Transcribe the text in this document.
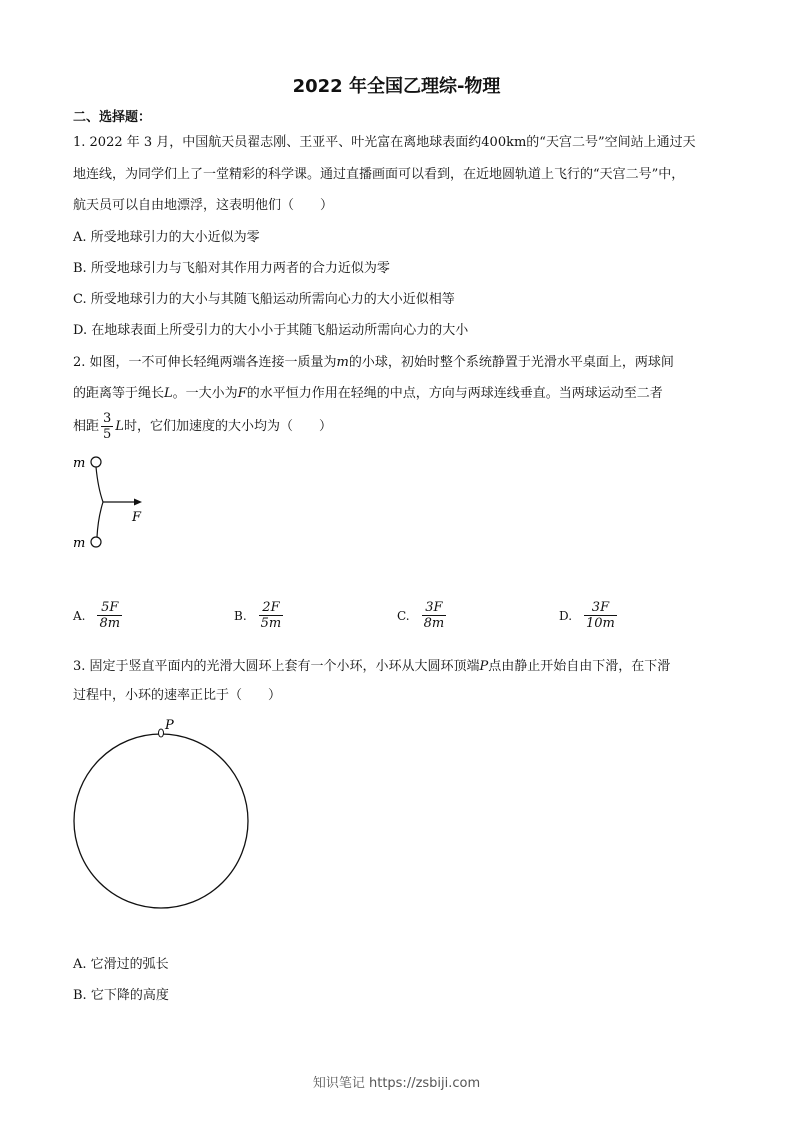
2022 年全国乙理综-物理
二、选择题：
1. 2022 年 3 月，中国航天员翟志刚、王亚平、叶光富在离地球表面约400km的“天宫二号”空间站上通过天
地连线，为同学们上了一堂精彩的科学课。通过直播画面可以看到，在近地圆轨道上飞行的“天宫二号”中，
航天员可以自由地漂浮，这表明他们（　　）
A. 所受地球引力的大小近似为零
B. 所受地球引力与飞船对其作用力两者的合力近似为零
C. 所受地球引力的大小与其随飞船运动所需向心力的大小近似相等
D. 在地球表面上所受引力的大小小于其随飞船运动所需向心力的大小
2. 如图，一不可伸长轻绳两端各连接一质量为m的小球，初始时整个系统静置于光滑水平桌面上，两球间
的距离等于绳长L。一大小为F的水平恒力作用在轻绳的中点，方向与两球连线垂直。当两球运动至二者
相距 $\frac{3}{5}$ L时，它们加速度的大小均为（　　）
m
F
m
A. $\frac{5F}{8m}$	B. $\frac{2F}{5m}$	C. $\frac{3F}{8m}$	D. $\frac{3F}{10m}$
3. 固定于竖直平面内的光滑大圆环上套有一个小环，小环从大圆环顶端P点由静止开始自由下滑，在下滑
过程中，小环的速率正比于（　　）
P
A. 它滑过的弧长
B. 它下降的高度
知识笔记 https://zsbiji.com
